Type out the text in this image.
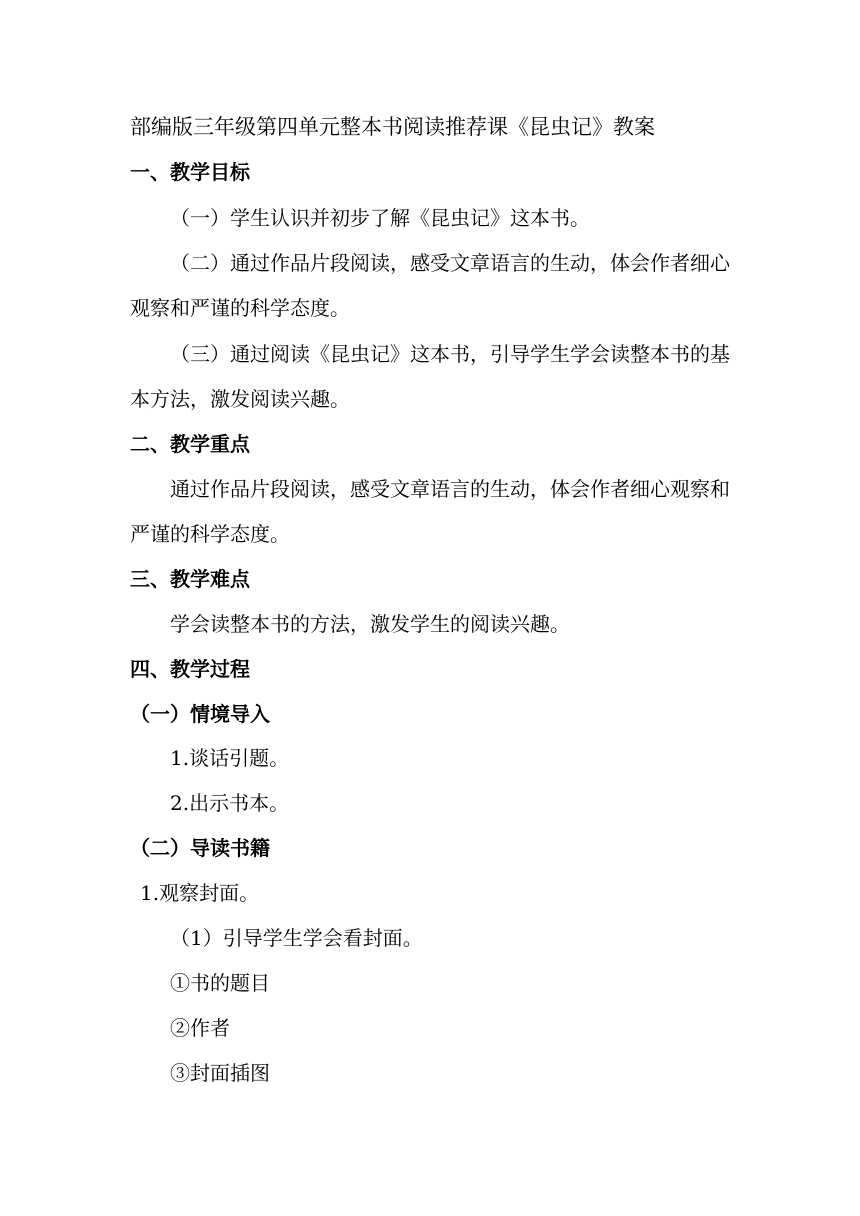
部编版三年级第四单元整本书阅读推荐课《昆虫记》教案
一、教学目标
（一）学生认识并初步了解《昆虫记》这本书。
（二）通过作品片段阅读，感受文章语言的生动，体会作者细心
观察和严谨的科学态度。
（三）通过阅读《昆虫记》这本书，引导学生学会读整本书的基
本方法，激发阅读兴趣。
二、教学重点
通过作品片段阅读，感受文章语言的生动，体会作者细心观察和
严谨的科学态度。
三、教学难点
学会读整本书的方法，激发学生的阅读兴趣。
四、教学过程
（一）情境导入
1.谈话引题。
2.出示书本。
（二）导读书籍
1.观察封面。
（1）引导学生学会看封面。
①书的题目
②作者
③封面插图
